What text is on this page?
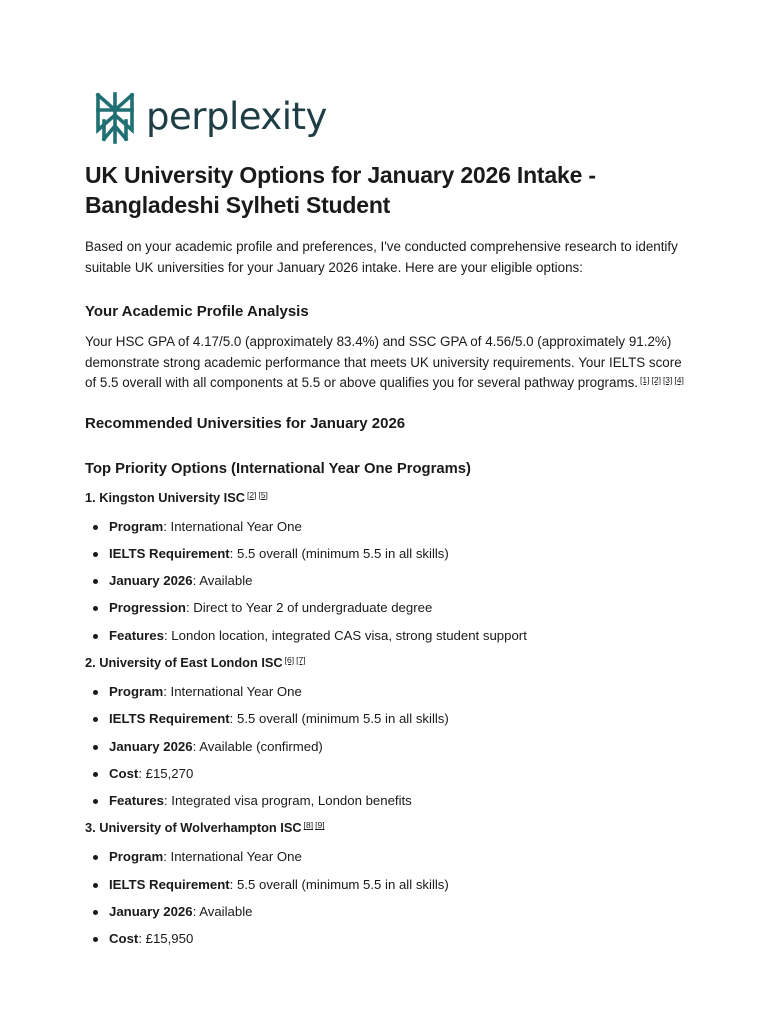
perplexity
UK University Options for January 2026 Intake - Bangladeshi Sylheti Student

Based on your academic profile and preferences, I've conducted comprehensive research to identify suitable UK universities for your January 2026 intake. Here are your eligible options:

Your Academic Profile Analysis

Your HSC GPA of 4.17/5.0 (approximately 83.4%) and SSC GPA of 4.56/5.0 (approximately 91.2%) demonstrate strong academic performance that meets UK university requirements. Your IELTS score of 5.5 overall with all components at 5.5 or above qualifies you for several pathway programs. [1] [2] [3] [4]

Recommended Universities for January 2026
Top Priority Options (International Year One Programs)

1. Kingston University ISC [2] [5]

Program: International Year One
IELTS Requirement: 5.5 overall (minimum 5.5 in all skills)
January 2026: Available
Progression: Direct to Year 2 of undergraduate degree
Features: London location, integrated CAS visa, strong student support

2. University of East London ISC [6] [7]

Program: International Year One
IELTS Requirement: 5.5 overall (minimum 5.5 in all skills)
January 2026: Available (confirmed)
Cost: £15,270
Features: Integrated visa program, London benefits

3. University of Wolverhampton ISC [8] [9]

Program: International Year One
IELTS Requirement: 5.5 overall (minimum 5.5 in all skills)
January 2026: Available
Cost: £15,950
